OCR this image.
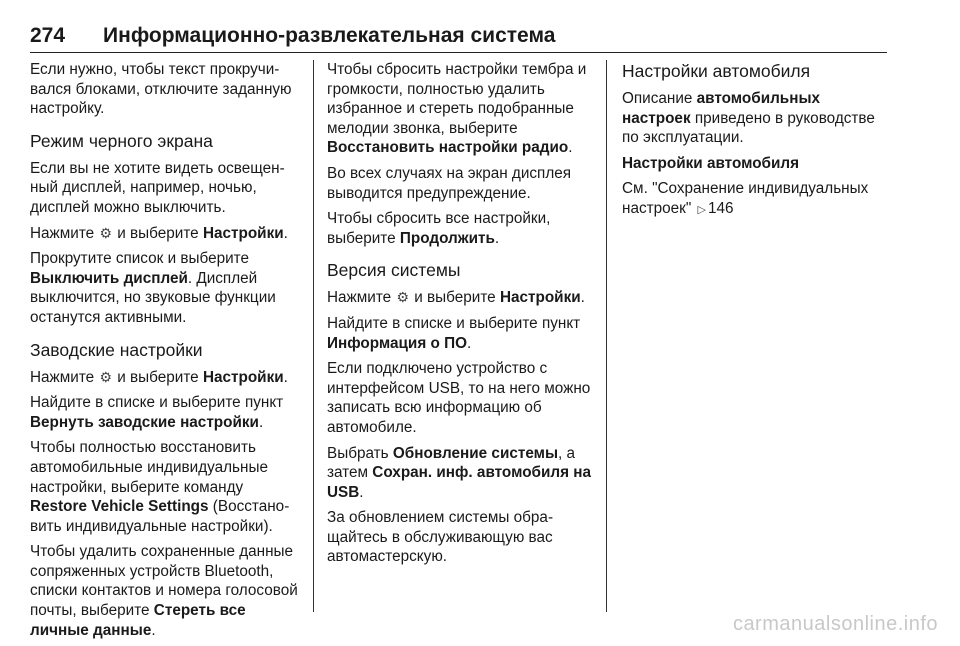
274 Информационно-развлекательная система

Если нужно, чтобы текст прокручивался блоками, отключите заданную настройку.

Режим черного экрана

Если вы не хотите видеть освещенный дисплей, например, ночью, дисплей можно выключить.

Нажмите ⚙ и выберите Настройки.

Прокрутите список и выберите Выключить дисплей. Дисплей выключится, но звуковые функции останутся активными.

Заводские настройки

Нажмите ⚙ и выберите Настройки.

Найдите в списке и выберите пункт Вернуть заводские настройки.

Чтобы полностью восстановить автомобильные индивидуальные настройки, выберите команду Restore Vehicle Settings (Восстановить индивидуальные настройки).

Чтобы удалить сохраненные данные сопряженных устройств Bluetooth, списки контактов и номера голосовой почты, выберите Стереть все личные данные.

Чтобы сбросить настройки тембра и громкости, полностью удалить избранное и стереть подобранные мелодии звонка, выберите Восстановить настройки радио.

Во всех случаях на экран дисплея выводится предупреждение.

Чтобы сбросить все настройки, выберите Продолжить.

Версия системы

Нажмите ⚙ и выберите Настройки.

Найдите в списке и выберите пункт Информация о ПО.

Если подключено устройство с интерфейсом USB, то на него можно записать всю информацию об автомобиле.

Выбрать Обновление системы, а затем Сохран. инф. автомобиля на USB.

За обновлением системы обращайтесь в обслуживающую вас автомастерскую.

Настройки автомобиля

Описание автомобильных настроек приведено в руководстве по эксплуатации.

Настройки автомобиля

См. "Сохранение индивидуальных настроек" ▷ 146

carmanualsonline.info
